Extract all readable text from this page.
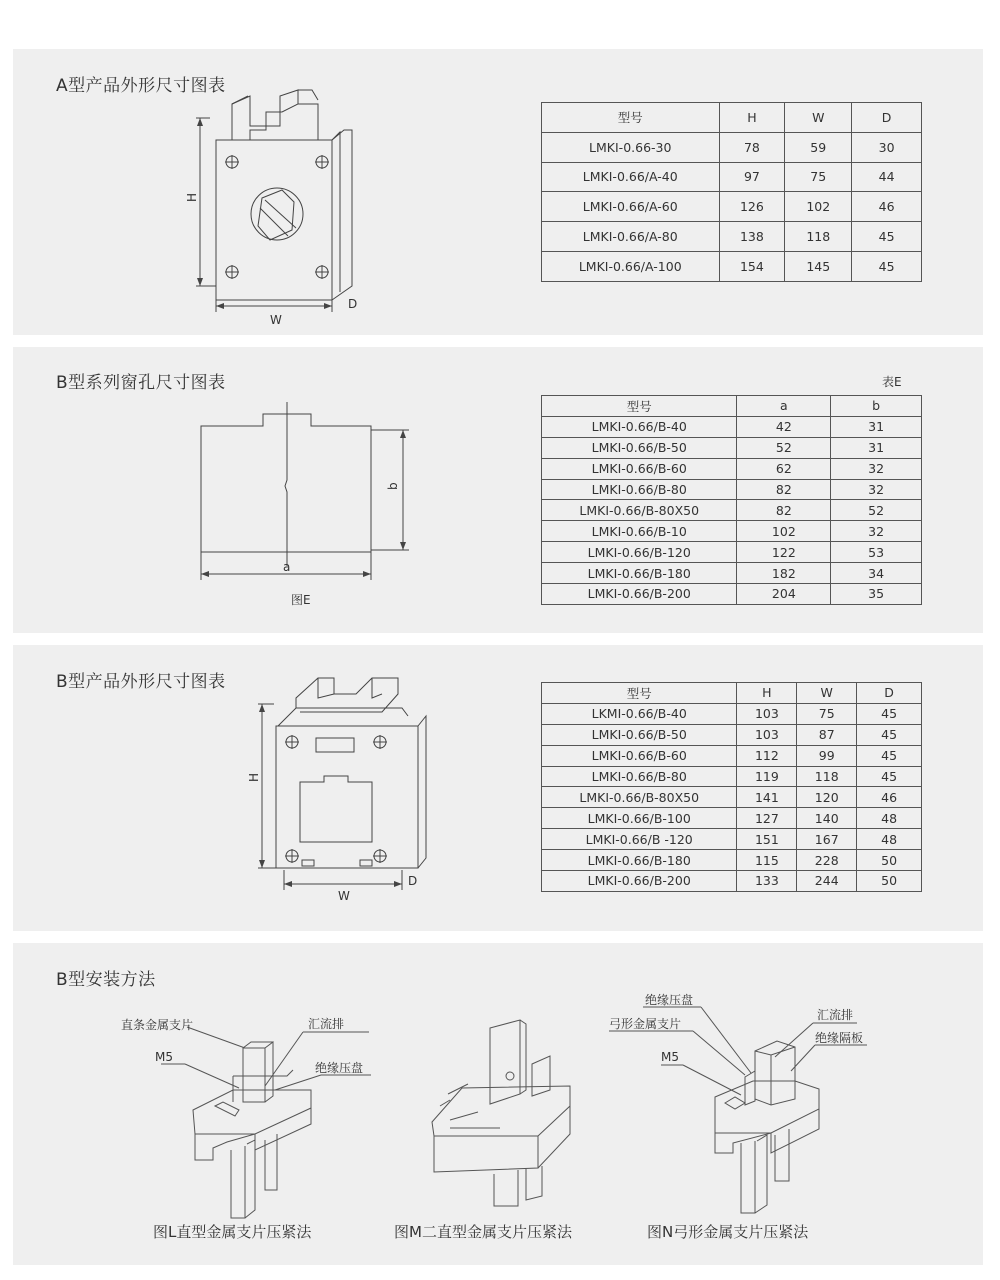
A型产品外形尺寸图表
H
W
D
型号	H	W	D
LMKI-0.66-30	78	59	30
LMKI-0.66/A-40	97	75	44
LMKI-0.66/A-60	126	102	46
LMKI-0.66/A-80	138	118	45
LMKI-0.66/A-100	154	145	45
B型系列窗孔尺寸图表	表E
b
a
图E
型号	a	b
LMKI-0.66/B-40	42	31
LMKI-0.66/B-50	52	31
LMKI-0.66/B-60	62	32
LMKI-0.66/B-80	82	32
LMKI-0.66/B-80X50	82	52
LMKI-0.66/B-10	102	32
LMKI-0.66/B-120	122	53
LMKI-0.66/B-180	182	34
LMKI-0.66/B-200	204	35
B型产品外形尺寸图表
H
W
D
型号	H	W	D
LKMI-0.66/B-40	103	75	45
LMKI-0.66/B-50	103	87	45
LMKI-0.66/B-60	112	99	45
LMKI-0.66/B-80	119	118	45
LMKI-0.66/B-80X50	141	120	46
LMKI-0.66/B-100	127	140	48
LMKI-0.66/B -120	151	167	48
LMKI-0.66/B-180	115	228	50
LMKI-0.66/B-200	133	244	50
B型安装方法
直条金属支片	汇流排
M5
绝缘压盘
图L直型金属支片压紧法	图M二直型金属支片压紧法
绝缘压盘
弓形金属支片
汇流排
绝缘隔板
M5
图N弓形金属支片压紧法
